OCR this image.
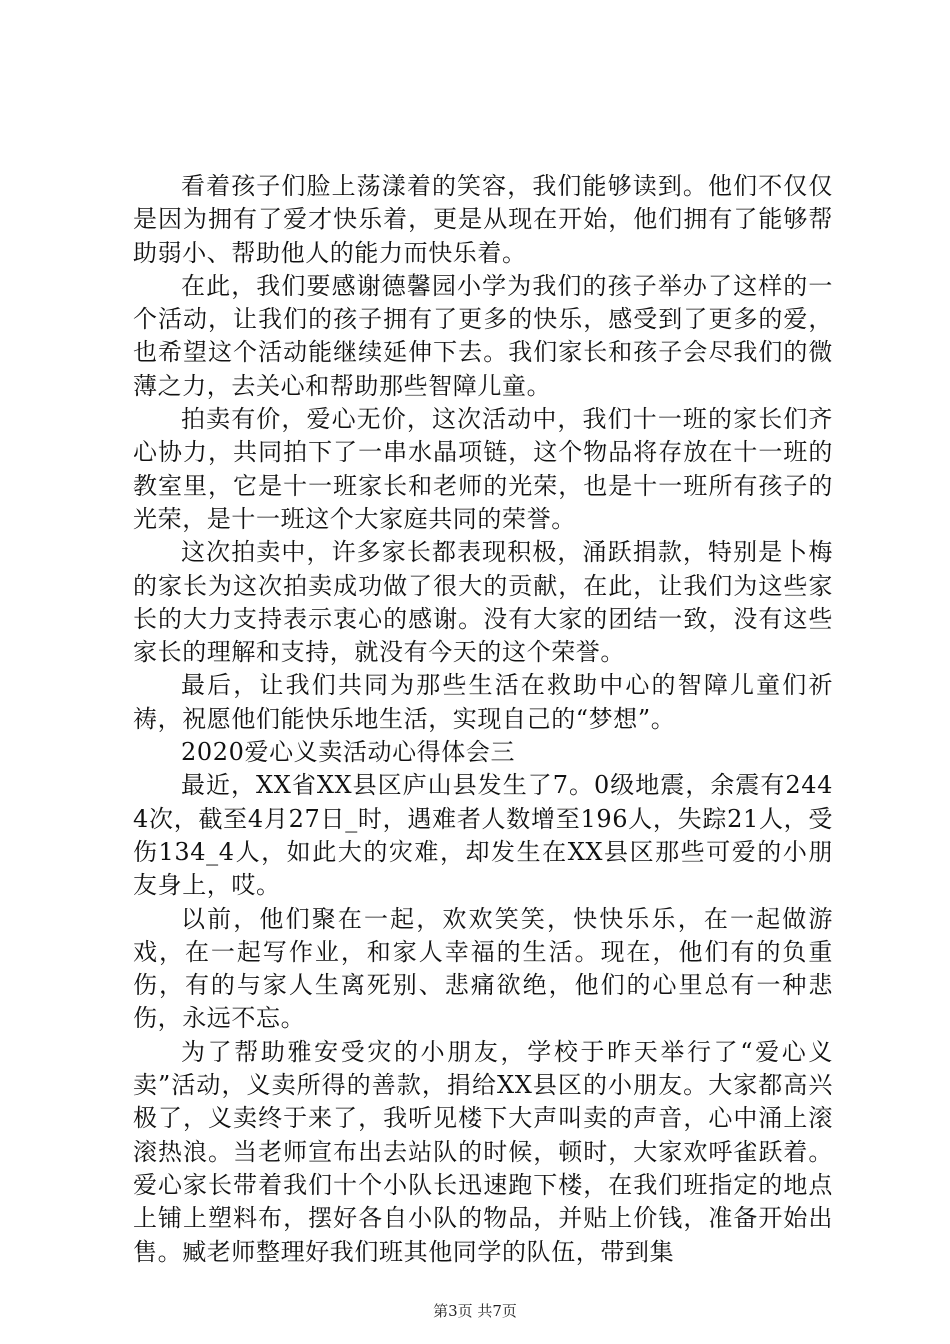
看着孩子们脸上荡漾着的笑容，我们能够读到。他们不仅仅是因为拥有了爱才快乐着，更是从现在开始，他们拥有了能够帮助弱小、帮助他人的能力而快乐着。

在此，我们要感谢德馨园小学为我们的孩子举办了这样的一个活动，让我们的孩子拥有了更多的快乐，感受到了更多的爱，也希望这个活动能继续延伸下去。我们家长和孩子会尽我们的微薄之力，去关心和帮助那些智障儿童。

拍卖有价，爱心无价，这次活动中，我们十一班的家长们齐心协力，共同拍下了一串水晶项链，这个物品将存放在十一班的教室里，它是十一班家长和老师的光荣，也是十一班所有孩子的光荣，是十一班这个大家庭共同的荣誉。

这次拍卖中，许多家长都表现积极，涌跃捐款，特别是卜梅的家长为这次拍卖成功做了很大的贡献，在此，让我们为这些家长的大力支持表示衷心的感谢。没有大家的团结一致，没有这些家长的理解和支持，就没有今天的这个荣誉。

最后，让我们共同为那些生活在救助中心的智障儿童们祈祷，祝愿他们能快乐地生活，实现自己的“梦想”。

2020爱心义卖活动心得体会三

最近，XX省XX县区庐山县发生了7。0级地震，余震有2444次，截至4月27日_时，遇难者人数增至196人，失踪21人，受伤134_4人，如此大的灾难，却发生在XX县区那些可爱的小朋友身上，哎。

以前，他们聚在一起，欢欢笑笑，快快乐乐，在一起做游戏，在一起写作业，和家人幸福的生活。现在，他们有的负重伤，有的与家人生离死别、悲痛欲绝，他们的心里总有一种悲伤，永远不忘。

为了帮助雅安受灾的小朋友，学校于昨天举行了“爱心义卖”活动，义卖所得的善款，捐给XX县区的小朋友。大家都高兴极了，义卖终于来了，我听见楼下大声叫卖的声音，心中涌上滚滚热浪。当老师宣布出去站队的时候，顿时，大家欢呼雀跃着。爱心家长带着我们十个小队长迅速跑下楼，在我们班指定的地点上铺上塑料布，摆好各自小队的物品，并贴上价钱，准备开始出售。臧老师整理好我们班其他同学的队伍，带到集

第3页 共7页
